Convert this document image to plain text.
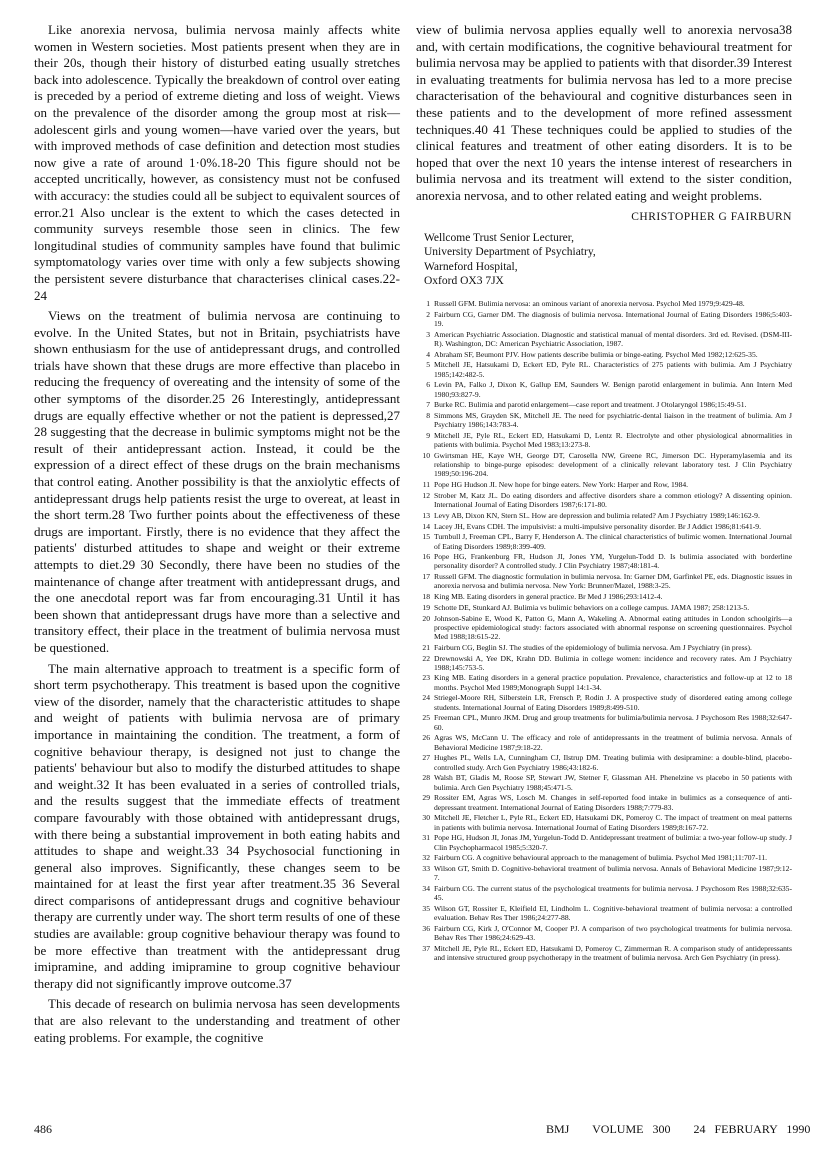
Like anorexia nervosa, bulimia nervosa mainly affects white women in Western societies. Most patients present when they are in their 20s, though their history of disturbed eating usually stretches back into adolescence. Typically the breakdown of control over eating is preceded by a period of extreme dieting and loss of weight. Views on the prevalence of the disorder among the group most at risk—adolescent girls and young women—have varied over the years, but with improved methods of case definition and detection most studies now give a rate of around 1·0%.18-20 This figure should not be accepted uncritically, however, as consistency must not be confused with accuracy: the studies could all be subject to equivalent sources of error.21 Also unclear is the extent to which the cases detected in community surveys resemble those seen in clinics. The few longitudinal studies of community samples have found that bulimic symptomatology varies over time with only a few subjects showing the persistent severe disturbance that characterises clinical cases.22-24

Views on the treatment of bulimia nervosa are continuing to evolve. In the United States, but not in Britain, psychiatrists have shown enthusiasm for the use of antidepressant drugs, and controlled trials have shown that these drugs are more effective than placebo in reducing the frequency of overeating and the intensity of some of the other symptoms of the disorder.25 26 Interestingly, antidepressant drugs are equally effective whether or not the patient is depressed,27 28 suggesting that the decrease in bulimic symptoms might not be the result of their antidepressant action. Instead, it could be the expression of a direct effect of these drugs on the brain mechanisms that control eating. Another possibility is that the anxiolytic effects of antidepressant drugs help patients resist the urge to overeat, at least in the short term.28 Two further points about the effectiveness of these drugs are important. Firstly, there is no evidence that they affect the patients' disturbed attitudes to shape and weight or their extreme attempts to diet.29 30 Secondly, there have been no studies of the maintenance of change after treatment with antidepressant drugs, and the one anecdotal report was far from encouraging.31 Until it has been shown that antidepressant drugs have more than a selective and transitory effect, their place in the treatment of bulimia nervosa must be questioned.

The main alternative approach to treatment is a specific form of short term psychotherapy. This treatment is based upon the cognitive view of the disorder, namely that the characteristic attitudes to shape and weight of patients with bulimia nervosa are of primary importance in maintaining the condition. The treatment, a form of cognitive behaviour therapy, is designed not just to change the patients' behaviour but also to modify the disturbed attitudes to shape and weight.32 It has been evaluated in a series of controlled trials, and the results suggest that the immediate effects of treatment compare favourably with those obtained with antidepressant drugs, with there being a substantial improvement in both eating habits and attitudes to shape and weight.33 34 Psychosocial functioning in general also improves. Significantly, these changes seem to be maintained for at least the first year after treatment.35 36 Several direct comparisons of antidepressant drugs and cognitive behaviour therapy are currently under way. The short term results of one of these studies are available: group cognitive behaviour therapy was found to be more effective than treatment with the antidepressant drug imipramine, and adding imipramine to group cognitive behaviour therapy did not significantly improve outcome.37

This decade of research on bulimia nervosa has seen developments that are also relevant to the understanding and treatment of other eating problems. For example, the cognitive

view of bulimia nervosa applies equally well to anorexia nervosa38 and, with certain modifications, the cognitive behavioural treatment for bulimia nervosa may be applied to patients with that disorder.39 Interest in evaluating treatments for bulimia nervosa has led to a more precise characterisation of the behavioural and cognitive disturbances seen in these patients and to the development of more refined assessment techniques.40 41 These techniques could be applied to studies of the clinical features and treatment of other eating disorders. It is to be hoped that over the next 10 years the intense interest of researchers in bulimia nervosa and its treatment will extend to the sister condition, anorexia nervosa, and to other related eating and weight problems.

CHRISTOPHER G FAIRBURN
Wellcome Trust Senior Lecturer,
University Department of Psychiatry,
Warneford Hospital,
Oxford OX3 7JX
1 Russell GFM. Bulimia nervosa: an ominous variant of anorexia nervosa. Psychol Med 1979;9:429-48.
2 Fairburn CG, Garner DM. The diagnosis of bulimia nervosa. International Journal of Eating Disorders 1986;5:403-19.
3 American Psychiatric Association. Diagnostic and statistical manual of mental disorders. 3rd ed. Revised. (DSM-III-R). Washington, DC: American Psychiatric Association, 1987.
4 Abraham SF, Beumont PJV. How patients describe bulimia or binge-eating. Psychol Med 1982;12:625-35.
5 Mitchell JE, Hatsukami D, Eckert ED, Pyle RL. Characteristics of 275 patients with bulimia. Am J Psychiatry 1985;142:482-5.
6 Levin PA, Falko J, Dixon K, Gallup EM, Saunders W. Benign parotid enlargement in bulimia. Ann Intern Med 1980;93:827-9.
7 Burke RC. Bulimia and parotid enlargement—case report and treatment. J Otolaryngol 1986;15:49-51.
8 Simmons MS, Grayden SK, Mitchell JE. The need for psychiatric-dental liaison in the treatment of bulimia. Am J Psychiatry 1986;143:783-4.
9 Mitchell JE, Pyle RL, Eckert ED, Hatsukami D, Lentz R. Electrolyte and other physiological abnormalities in patients with bulimia. Psychol Med 1983;13:273-8.
10 Gwirtsman HE, Kaye WH, George DT, Carosella NW, Greene RC, Jimerson DC. Hyperamylasemia and its relationship to binge-purge episodes: development of a clinically relevant laboratory test. J Clin Psychiatry 1989;50:196-204.
11 Pope HG Hudson JI. New hope for binge eaters. New York: Harper and Row, 1984.
12 Strober M, Katz JL. Do eating disorders and affective disorders share a common etiology? A dissenting opinion. International Journal of Eating Disorders 1987;6:171-80.
13 Levy AB, Dixon KN, Stern SL. How are depression and bulimia related? Am J Psychiatry 1989;146:162-9.
14 Lacey JH, Evans CDH. The impulsivist: a multi-impulsive personality disorder. Br J Addict 1986;81:641-9.
15 Turnbull J, Freeman CPL, Barry F, Henderson A. The clinical characteristics of bulimic women. International Journal of Eating Disorders 1989;8:399-409.
16 Pope HG, Frankenburg FR, Hudson JI, Jones YM, Yurgelun-Todd D. Is bulimia associated with borderline personality disorder? A controlled study. J Clin Psychiatry 1987;48:181-4.
17 Russell GFM. The diagnostic formulation in bulimia nervosa. In: Garner DM, Garfinkel PE, eds. Diagnostic issues in anorexia nervosa and bulimia nervosa. New York: Brunner/Mazel, 1988:3-25.
18 King MB. Eating disorders in general practice. Br Med J 1986;293:1412-4.
19 Schotte DE, Stunkard AJ. Bulimia vs bulimic behaviors on a college campus. JAMA 1987; 258:1213-5.
20 Johnson-Sabine E, Wood K, Patton G, Mann A, Wakeling A. Abnormal eating attitudes in London schoolgirls—a prospective epidemiological study: factors associated with abnormal response on screening questionnaires. Psychol Med 1988;18:615-22.
21 Fairburn CG, Beglin SJ. The studies of the epidemiology of bulimia nervosa. Am J Psychiatry (in press).
22 Drewnowski A, Yee DK, Krahn DD. Bulimia in college women: incidence and recovery rates. Am J Psychiatry 1988;145:753-5.
23 King MB. Eating disorders in a general practice population. Prevalence, characteristics and follow-up at 12 to 18 months. Psychol Med 1989;Monograph Suppl 14:1-34.
24 Striegel-Moore RH, Silberstein LR, Frensch P, Rodin J. A prospective study of disordered eating among college students. International Journal of Eating Disorders 1989;8:499-510.
25 Freeman CPL, Munro JKM. Drug and group treatments for bulimia/bulimia nervosa. J Psychosom Res 1988;32:647-60.
26 Agras WS, McCann U. The efficacy and role of antidepressants in the treatment of bulimia nervosa. Annals of Behavioral Medicine 1987;9:18-22.
27 Hughes PL, Wells LA, Cunningham CJ, Ilstrup DM. Treating bulimia with desipramine: a double-blind, placebo-controlled study. Arch Gen Psychiatry 1986;43:182-6.
28 Walsh BT, Gladis M, Roose SP, Stewart JW, Stetner F, Glassman AH. Phenelzine vs placebo in 50 patients with bulimia. Arch Gen Psychiatry 1988;45:471-5.
29 Rossiter EM, Agras WS, Losch M. Changes in self-reported food intake in bulimics as a consequence of anti-depressant treatment. International Journal of Eating Disorders 1988;7:779-83.
30 Mitchell JE, Fletcher L, Pyle RL, Eckert ED, Hatsukami DK, Pomeroy C. The impact of treatment on meal patterns in patients with bulimia nervosa. International Journal of Eating Disorders 1989;8:167-72.
31 Pope HG, Hudson JI, Jonas JM, Yurgelun-Todd D. Antidepressant treatment of bulimia: a two-year follow-up study. J Clin Psychopharmacol 1985;5:320-7.
32 Fairburn CG. A cognitive behavioural approach to the management of bulimia. Psychol Med 1981;11:707-11.
33 Wilson GT, Smith D. Cognitive-behavioral treatment of bulimia nervosa. Annals of Behavioral Medicine 1987;9:12-7.
34 Fairburn CG. The current status of the psychological treatments for bulimia nervosa. J Psychosom Res 1988;32:635-45.
35 Wilson GT, Rossiter E, Kleifield EI, Lindholm L. Cognitive-behavioral treatment of bulimia nervosa: a controlled evaluation. Behav Res Ther 1986;24:277-88.
36 Fairburn CG, Kirk J, O'Connor M, Cooper PJ. A comparison of two psychological treatments for bulimia nervosa. Behav Res Ther 1986;24:629-43.
37 Mitchell JE, Pyle RL, Eckert ED, Hatsukami D, Pomeroy C, Zimmerman R. A comparison study of antidepressants and intensive structured group psychotherapy in the treatment of bulimia nervosa. Arch Gen Psychiatry (in press).
486	BMJ VOLUME 300 24 FEBRUARY 1990
